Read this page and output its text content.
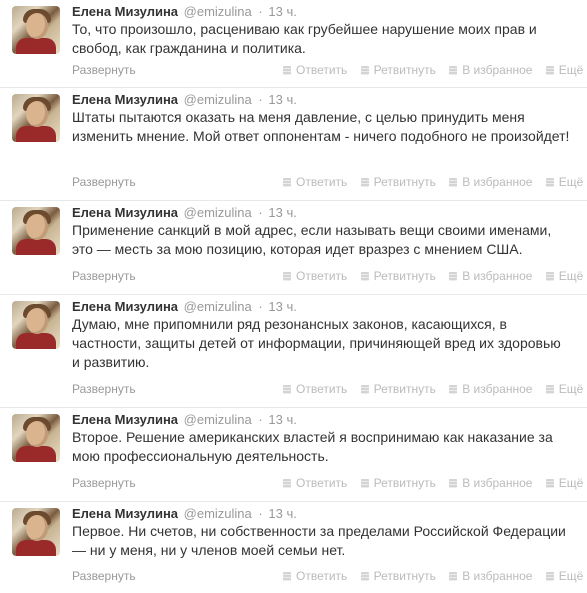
Елена Мизулина @emizulina · 13 ч.
То, что произошло, расцениваю как грубейшее нарушение моих прав и свобод, как гражданина и политика.
Развернуть	Ответить Ретвитнуть В избранное Ещё
Елена Мизулина @emizulina · 13 ч.
Штаты пытаются оказать на меня давление, с целью принудить меня изменить мнение. Мой ответ оппонентам - ничего подобного не произойдет!
Развернуть	Ответить Ретвитнуть В избранное Ещё
Елена Мизулина @emizulina · 13 ч.
Применение санкций в мой адрес, если называть вещи своими именами, это — месть за мою позицию, которая идет вразрез с мнением США.
Развернуть	Ответить Ретвитнуть В избранное Ещё
Елена Мизулина @emizulina · 13 ч.
Думаю, мне припомнили ряд резонансных законов, касающихся, в частности, защиты детей от информации, причиняющей вред их здоровью и развитию.
Развернуть	Ответить Ретвитнуть В избранное Ещё
Елена Мизулина @emizulina · 13 ч.
Второе. Решение американских властей я воспринимаю как наказание за мою профессиональную деятельность.
Развернуть	Ответить Ретвитнуть В избранное Ещё
Елена Мизулина @emizulina · 13 ч.
Первое. Ни счетов, ни собственности за пределами Российской Федерации — ни у меня, ни у членов моей семьи нет.
Развернуть	Ответить Ретвитнуть В избранное Ещё
